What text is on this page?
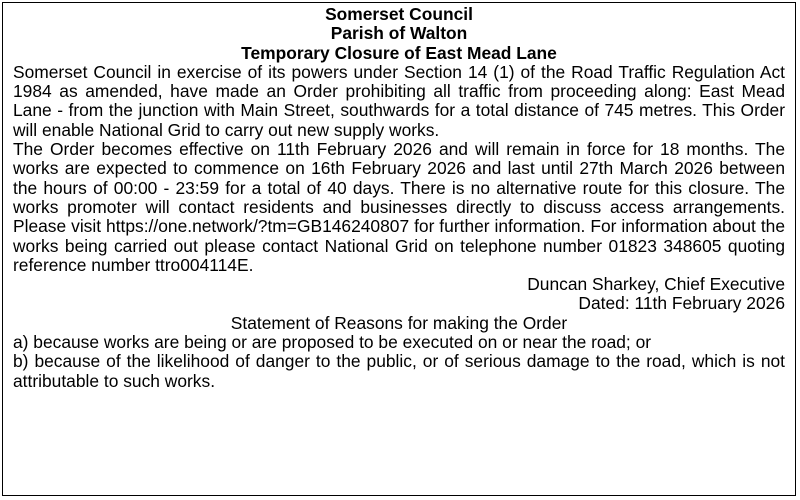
Somerset Council

Parish of Walton

Temporary Closure of East Mead Lane

Somerset Council in exercise of its powers under Section 14 (1) of the Road Traffic Regulation Act 1984 as amended, have made an Order prohibiting all traffic from proceeding along: East Mead Lane - from the junction with Main Street, southwards for a total distance of 745 metres. This Order will enable National Grid to carry out new supply works.

The Order becomes effective on 11th February 2026 and will remain in force for 18 months. The works are expected to commence on 16th February 2026 and last until 27th March 2026 between the hours of 00:00 - 23:59 for a total of 40 days. There is no alternative route for this closure. The works promoter will contact residents and businesses directly to discuss access arrangements. Please visit https://one.network/?tm=GB146240807 for further information. For information about the works being carried out please contact National Grid on telephone number 01823 348605 quoting reference number ttro004114E.

Duncan Sharkey, Chief Executive

Dated: 11th February 2026

Statement of Reasons for making the Order

a) because works are being or are proposed to be executed on or near the road; or

b) because of the likelihood of danger to the public, or of serious damage to the road, which is not attributable to such works.
